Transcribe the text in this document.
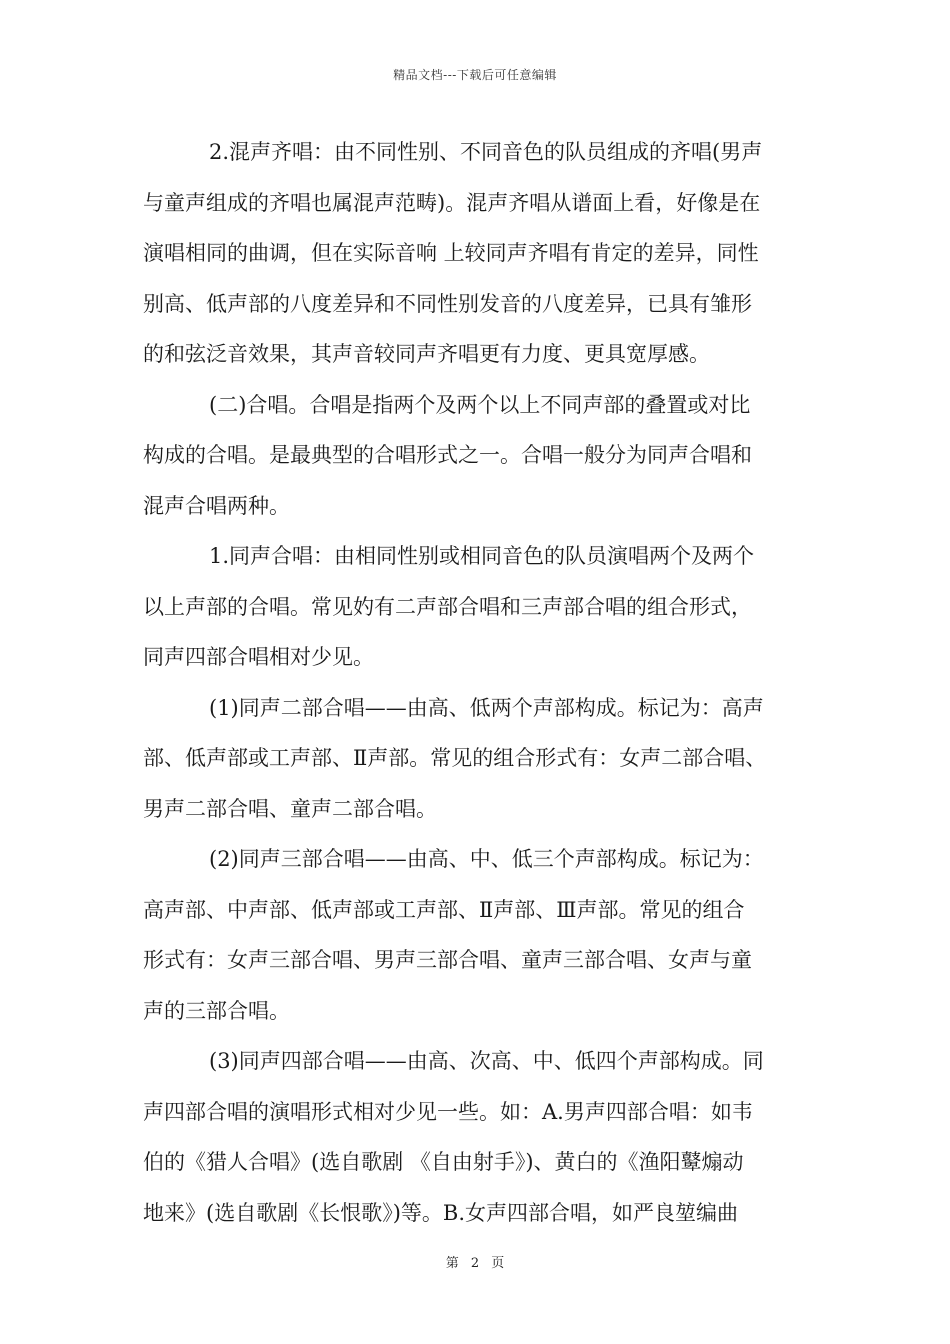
精品文档---下载后可任意编辑
2.混声齐唱：由不同性别、不同音色的队员组成的齐唱(男声
与童声组成的齐唱也属混声范畴)。混声齐唱从谱面上看，好像是在
演唱相同的曲调，但在实际音响 上较同声齐唱有肯定的差异，同性
别高、低声部的八度差异和不同性别发音的八度差异，已具有雏形
的和弦泛音效果，其声音较同声齐唱更有力度、更具宽厚感。
(二)合唱。合唱是指两个及两个以上不同声部的叠置或对比
构成的合唱。是最典型的合唱形式之一。合唱一般分为同声合唱和
混声合唱两种。
1.同声合唱：由相同性别或相同音色的队员演唱两个及两个
以上声部的合唱。常见妁有二声部合唱和三声部合唱的组合形式，
同声四部合唱相对少见。
(1)同声二部合唱——由高、低两个声部构成。标记为：高声
部、低声部或工声部、Ⅱ声部。常见的组合形式有：女声二部合唱、
男声二部合唱、童声二部合唱。
(2)同声三部合唱——由高、中、低三个声部构成。标记为：
高声部、中声部、低声部或工声部、Ⅱ声部、Ⅲ声部。常见的组合
形式有：女声三部合唱、男声三部合唱、童声三部合唱、女声与童
声的三部合唱。
(3)同声四部合唱——由高、次高、中、低四个声部构成。同
声四部合唱的演唱形式相对少见一些。如：A.男声四部合唱：如韦
伯的《猎人合唱》(选自歌剧 《自由射手》)、黄白的《渔阳鼙煽动
地来》(选自歌剧《长恨歌》)等。B.女声四部合唱，如严良堃编曲
第 2 页
